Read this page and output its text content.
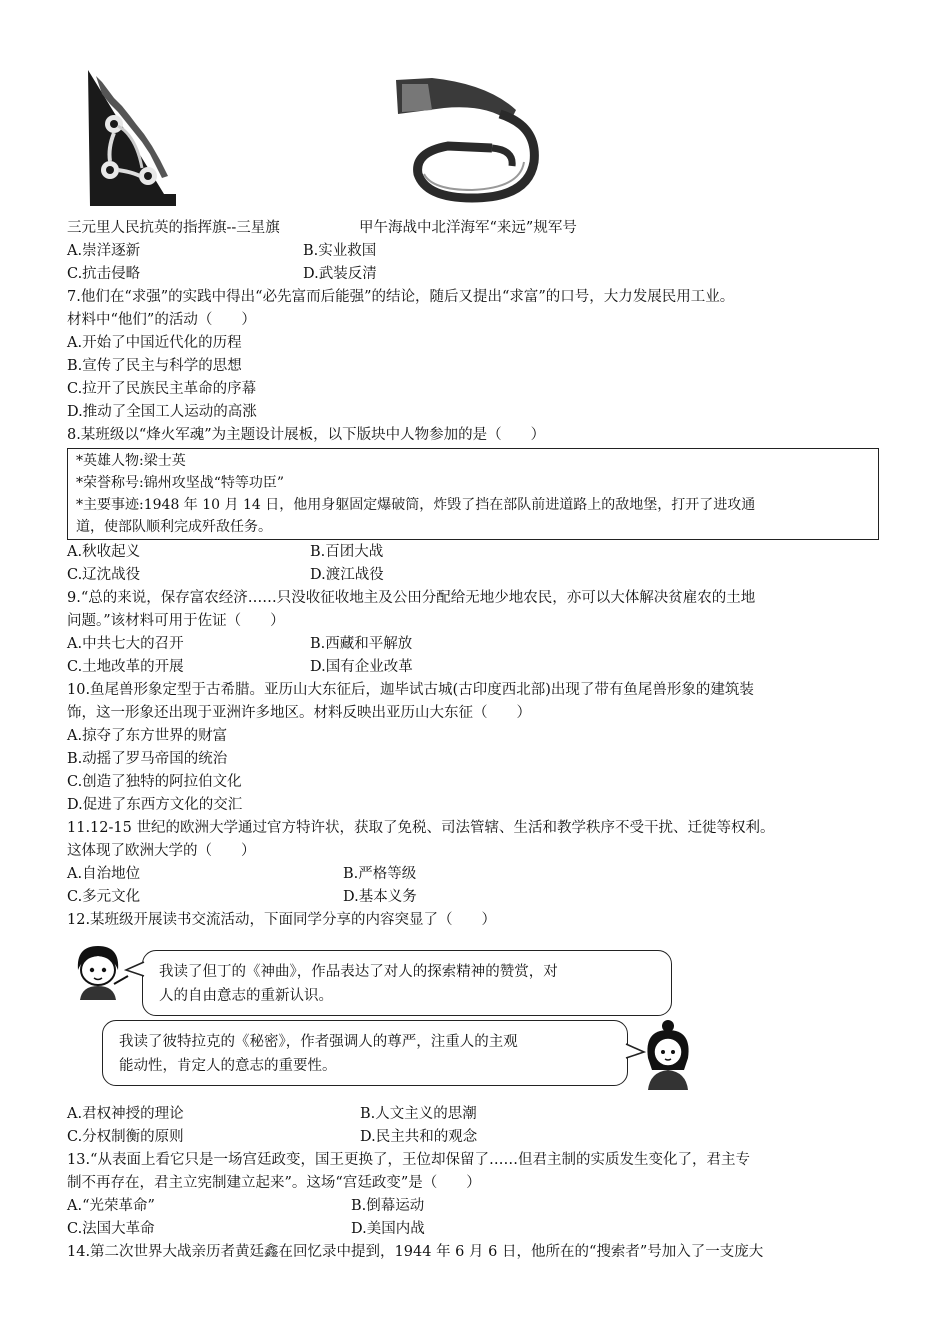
三元里人民抗英的指挥旗--三星旗	甲午海战中北洋海军“来远”规军号
A.崇洋逐新	B.实业救国
C.抗击侵略	D.武装反清
7.他们在“求强”的实践中得出“必先富而后能强”的结论，随后又提出“求富”的口号，大力发展民用工业。
材料中“他们”的活动（　　）
A.开始了中国近代化的历程
B.宣传了民主与科学的思想
C.拉开了民族民主革命的序幕
D.推动了全国工人运动的高涨
8.某班级以“烽火军魂”为主题设计展板，以下版块中人物参加的是（　　）
*英雄人物:梁士英
*荣誉称号:锦州攻坚战“特等功臣”
*主要事迹:1948 年 10 月 14 日，他用身躯固定爆破筒，炸毁了挡在部队前进道路上的敌地堡，打开了进攻通
道，使部队顺利完成歼敌任务。
A.秋收起义	B.百团大战
C.辽沈战役	D.渡江战役
9.“总的来说，保存富农经济……只没收征收地主及公田分配给无地少地农民，亦可以大体解决贫雇农的土地
问题。”该材料可用于佐证（　　）
A.中共七大的召开	B.西藏和平解放
C.土地改革的开展	D.国有企业改革
10.鱼尾兽形象定型于古希腊。亚历山大东征后，迦毕试古城(古印度西北部)出现了带有鱼尾兽形象的建筑装
饰，这一形象还出现于亚洲许多地区。材料反映出亚历山大东征（　　）
A.掠夺了东方世界的财富
B.动摇了罗马帝国的统治
C.创造了独特的阿拉伯文化
D.促进了东西方文化的交汇
11.12-15 世纪的欧洲大学通过官方特许状，获取了免税、司法管辖、生活和教学秩序不受干扰、迁徙等权利。
这体现了欧洲大学的（　　）
A.自治地位	B.严格等级
C.多元文化	D.基本义务
12.某班级开展读书交流活动，下面同学分享的内容突显了（　　）
我读了但丁的《神曲》，作品表达了对人的探索精神的赞赏，对
人的自由意志的重新认识。
我读了彼特拉克的《秘密》，作者强调人的尊严，注重人的主观
能动性，肯定人的意志的重要性。
A.君权神授的理论	B.人文主义的思潮
C.分权制衡的原则	D.民主共和的观念
13.“从表面上看它只是一场宫廷政变，国王更换了，王位却保留了……但君主制的实质发生变化了，君主专
制不再存在，君主立宪制建立起来”。这场“宫廷政变”是（　　）
A.“光荣革命”	B.倒幕运动
C.法国大革命	D.美国内战
14.第二次世界大战亲历者黄廷鑫在回忆录中提到，1944 年 6 月 6 日，他所在的“搜索者”号加入了一支庞大
